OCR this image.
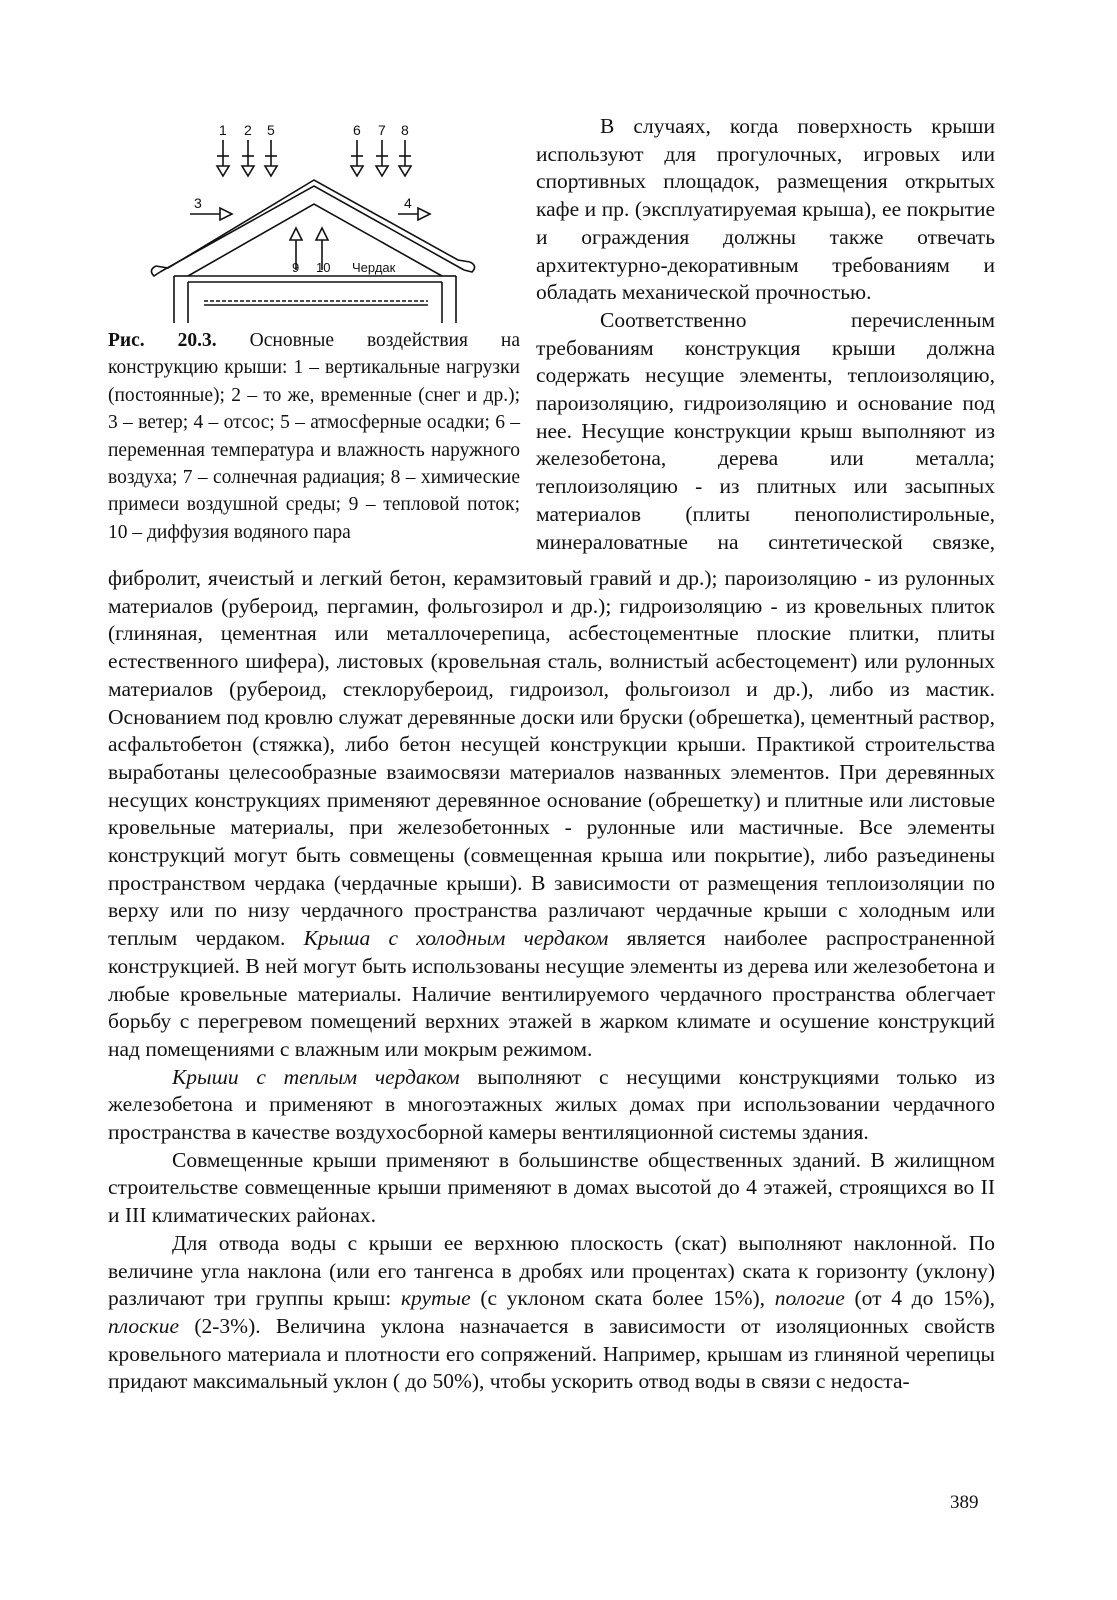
1 2 5	6 7 8
3	4
9 10 Чердак
Рис. 20.3. Основные воздействия на конструкцию крыши: 1 – вертикальные нагрузки (постоянные); 2 – то же, временные (снег и др.); 3 – ветер; 4 – отсос; 5 – атмосферные осадки; 6 – переменная температура и влажность наружного воздуха; 7 – солнечная радиация; 8 – химические примеси воздушной среды; 9 – тепловой поток; 10 – диффузия водяного пара

В случаях, когда поверхность крыши используют для прогулочных, игровых или спортивных площадок, размещения открытых кафе и пр. (эксплуатируемая крыша), ее покрытие и ограждения должны также отвечать архитектурно-декоративным требованиям и обладать механической прочностью.

Соответственно перечисленным требованиям конструкция крыши должна содержать несущие элементы, теплоизоляцию, пароизоляцию, гидроизоляцию и основание под нее. Несущие конструкции крыш выполняют из железобетона, дерева или металла; теплоизоляцию - из плитных или засыпных материалов (плиты пенополистирольные, минераловатные на синтетической связке,

фибролит, ячеистый и легкий бетон, керамзитовый гравий и др.); пароизоляцию - из рулонных материалов (рубероид, пергамин, фольгозирол и др.); гидроизоляцию - из кровельных плиток (глиняная, цементная или металлочерепица, асбестоцементные плоские плитки, плиты естественного шифера), листовых (кровельная сталь, волнистый асбестоцемент) или рулонных материалов (рубероид, стеклорубероид, гидроизол, фольгоизол и др.), либо из мастик. Основанием под кровлю служат деревянные доски или бруски (обрешетка), цементный раствор, асфальтобетон (стяжка), либо бетон несущей конструкции крыши. Практикой строительства выработаны целесообразные взаимосвязи материалов названных элементов. При деревянных несущих конструкциях применяют деревянное основание (обрешетку) и плитные или листовые кровельные материалы, при железобетонных - рулонные или мастичные. Все элементы конструкций могут быть совмещены (совмещенная крыша или покрытие), либо разъединены пространством чердака (чердачные крыши). В зависимости от размещения теплоизоляции по верху или по низу чердачного пространства различают чердачные крыши с холодным или теплым чердаком. Крыша с холодным чердаком является наиболее распространенной конструкцией. В ней могут быть использованы несущие элементы из дерева или железобетона и любые кровельные материалы. Наличие вентилируемого чердачного пространства облегчает борьбу с перегревом помещений верхних этажей в жарком климате и осушение конструкций над помещениями с влажным или мокрым режимом.

Крыши с теплым чердаком выполняют с несущими конструкциями только из железобетона и применяют в многоэтажных жилых домах при использовании чердачного пространства в качестве воздухосборной камеры вентиляционной системы здания.

Совмещенные крыши применяют в большинстве общественных зданий. В жилищном строительстве совмещенные крыши применяют в домах высотой до 4 этажей, строящихся во II и III климатических районах.

Для отвода воды с крыши ее верхнюю плоскость (скат) выполняют наклонной. По величине угла наклона (или его тангенса в дробях или процентах) ската к горизонту (уклону) различают три группы крыш: крутые (с уклоном ската более 15%), пологие (от 4 до 15%), плоские (2-3%). Величина уклона назначается в зависимости от изоляционных свойств кровельного материала и плотности его сопряжений. Например, крышам из глиняной черепицы придают максимальный уклон ( до 50%), чтобы ускорить отвод воды в связи с недоста-

389
